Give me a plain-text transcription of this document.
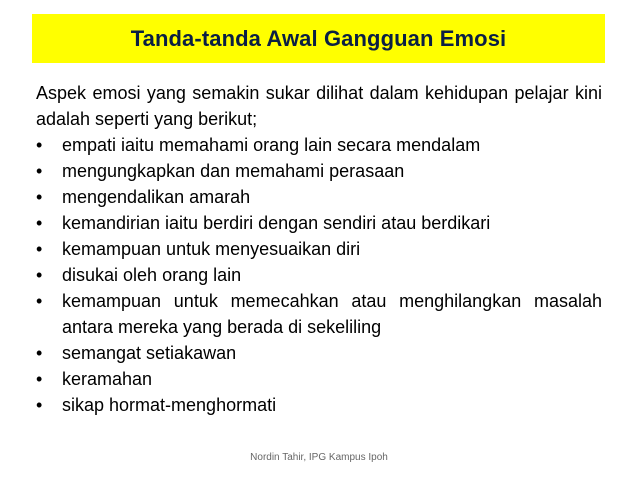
Tanda-tanda Awal Gangguan Emosi

Aspek emosi yang semakin sukar dilihat dalam kehidupan pelajar kini adalah seperti yang berikut;

•	empati iaitu memahami orang lain secara mendalam
•	mengungkapkan dan memahami perasaan
•	mengendalikan amarah
•	kemandirian iaitu berdiri dengan sendiri atau berdikari
•	kemampuan untuk menyesuaikan diri
•	disukai oleh orang lain
•	kemampuan untuk memecahkan atau menghilangkan masalah antara mereka yang berada di sekeliling
•	semangat setiakawan
•	keramahan
•	sikap hormat-menghormati
Nordin Tahir, IPG Kampus Ipoh
